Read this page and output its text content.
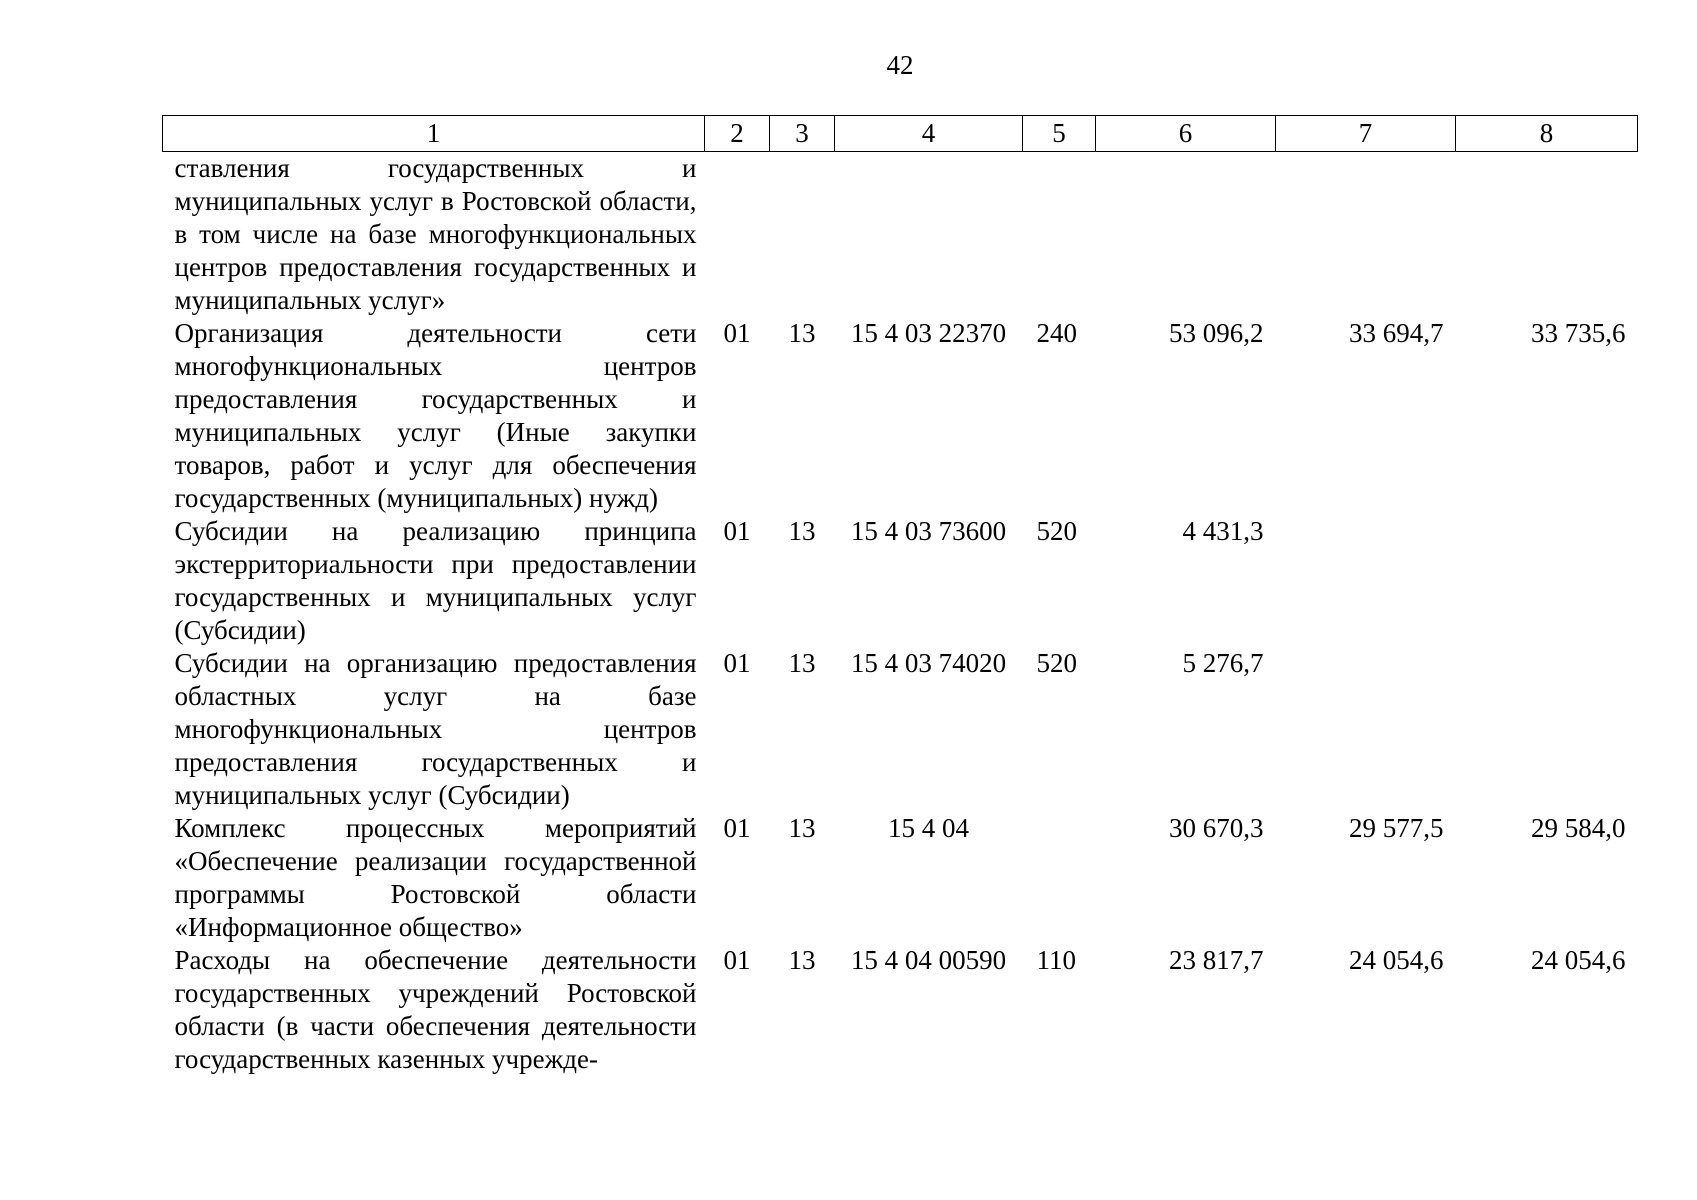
42
1	2	3	4	5	6	7	8
ставления государственных и муниципальных услуг в Ростовской области, в том числе на базе многофункциональных центров предоставления государственных и муниципальных услуг»							
Организация деятельности сети многофункциональных центров предоставления государственных и муниципальных услуг (Иные закупки товаров, работ и услуг для обеспечения государственных (муниципальных) нужд)	01	13	15 4 03 22370	240	53 096,2	33 694,7	33 735,6
Субсидии на реализацию принципа экстерриториальности при предоставлении государственных и муниципальных услуг (Субсидии)	01	13	15 4 03 73600	520	4 431,3		
Субсидии на организацию предоставления областных услуг на базе многофункциональных центров предоставления государственных и муниципальных услуг (Субсидии)	01	13	15 4 03 74020	520	5 276,7		
Комплекс процессных мероприятий «Обеспечение реализации государственной программы Ростовской области «Информационное общество»	01	13	15 4 04		30 670,3	29 577,5	29 584,0
Расходы на обеспечение деятельности государственных учреждений Ростовской области (в части обеспечения деятельности государственных казенных учрежде-	01	13	15 4 04 00590	110	23 817,7	24 054,6	24 054,6
